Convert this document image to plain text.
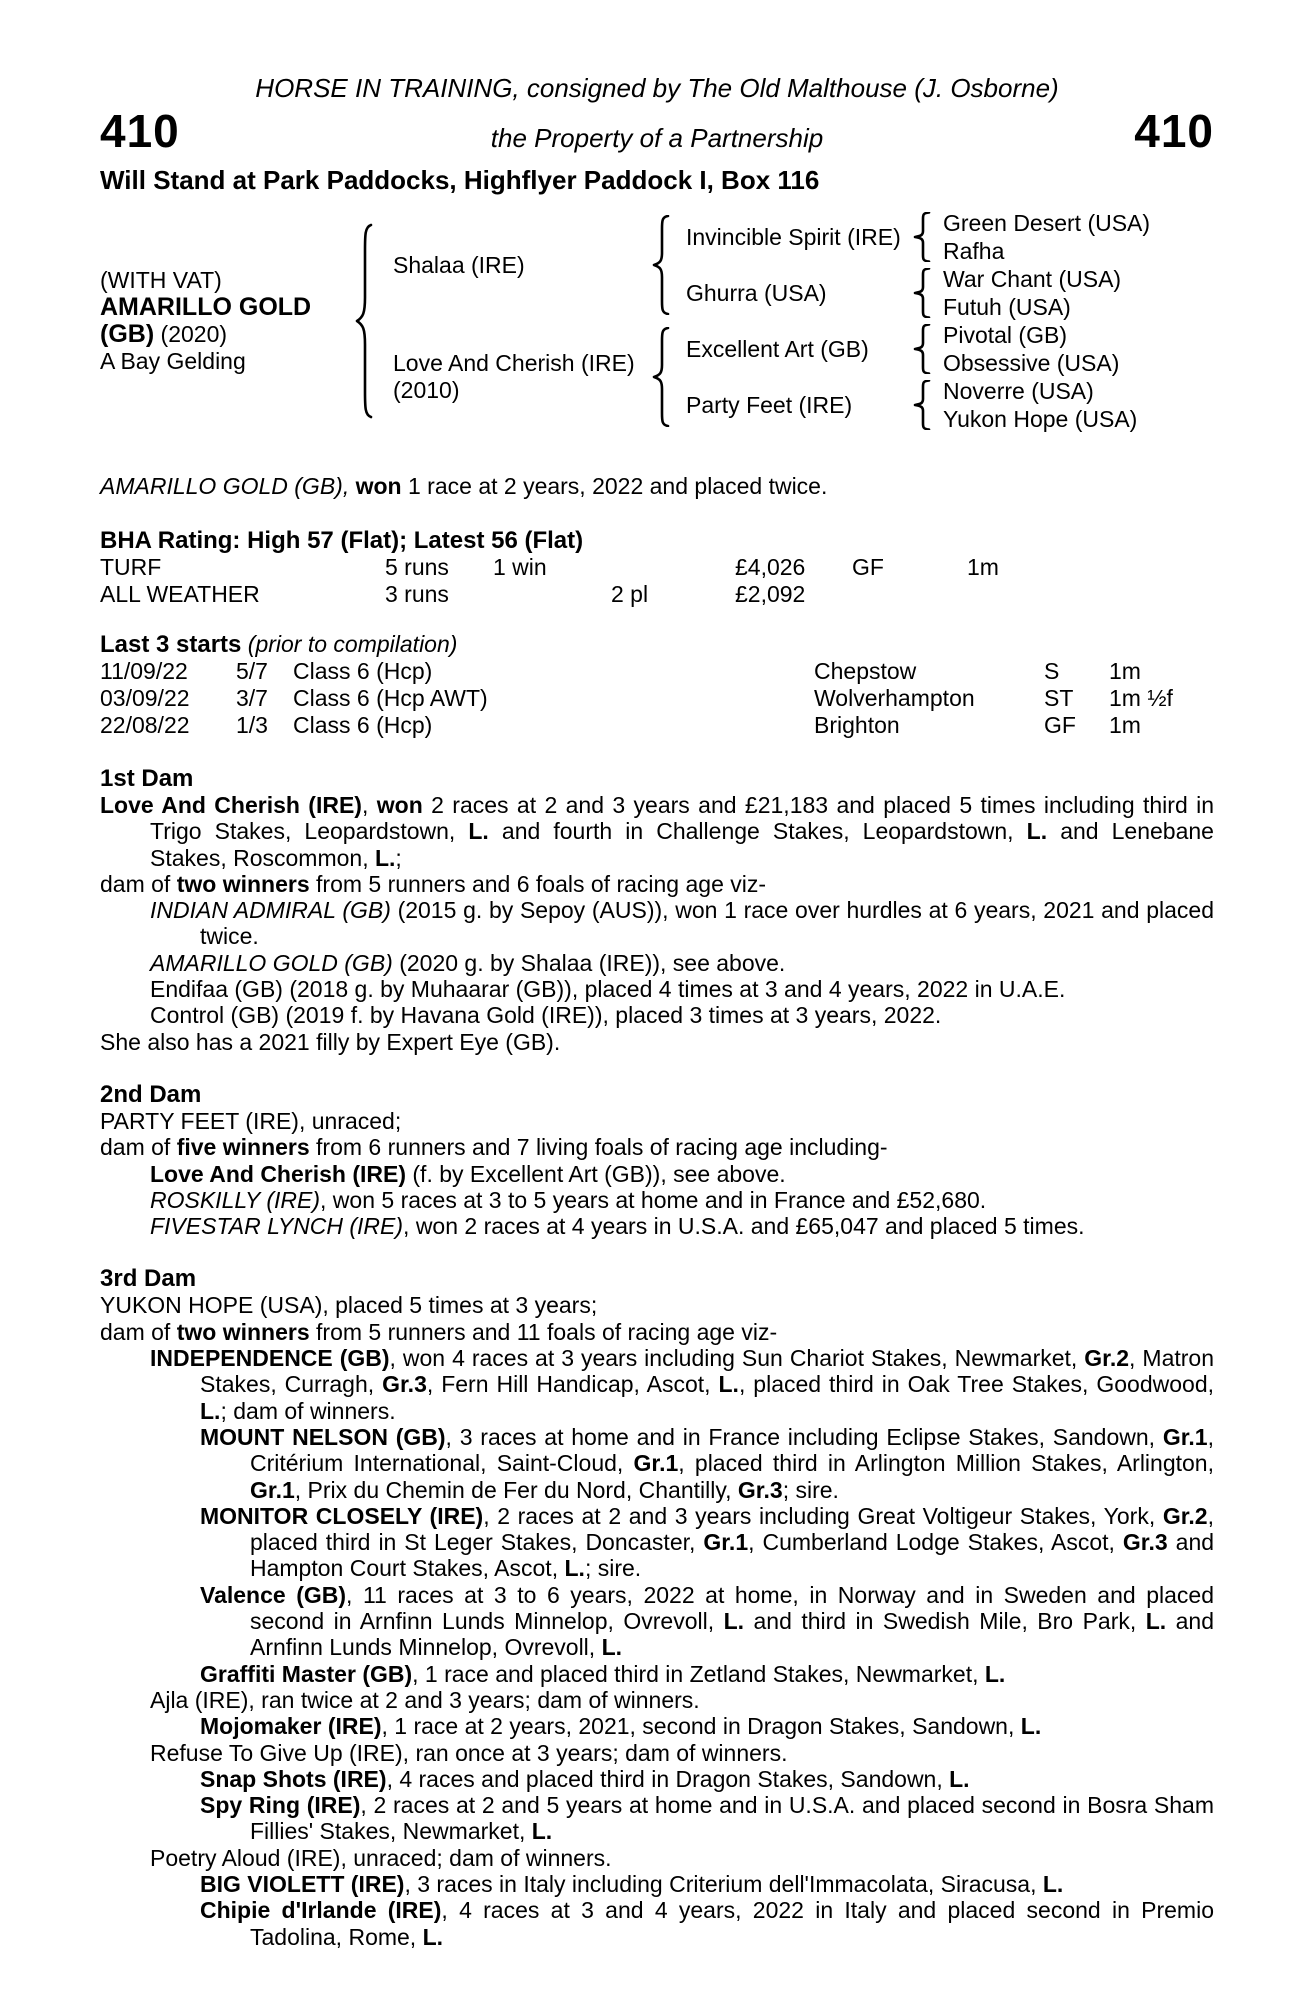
HORSE IN TRAINING, consigned by The Old Malthouse (J. Osborne)
410	the Property of a Partnership	410
Will Stand at Park Paddocks, Highflyer Paddock I, Box 116
(WITH VAT)
AMARILLO GOLD
(GB) (2020)
A Bay Gelding
Shalaa (IRE)
Love And Cherish (IRE)
(2010)
Invincible Spirit (IRE)
Ghurra (USA)
Excellent Art (GB)
Party Feet (IRE)
Green Desert (USA)
Rafha
War Chant (USA)
Futuh (USA)
Pivotal (GB)
Obsessive (USA)
Noverre (USA)
Yukon Hope (USA)
AMARILLO GOLD (GB), won 1 race at 2 years, 2022 and placed twice.
BHA Rating: High 57 (Flat); Latest 56 (Flat)
TURF	5 runs	1 win	£4,026	GF	1m
ALL WEATHER	3 runs	2 pl	£2,092
Last 3 starts (prior to compilation)
11/09/22	5/7	Class 6 (Hcp)	Chepstow	S	1m
03/09/22	3/7	Class 6 (Hcp AWT)	Wolverhampton	ST	1m ½f
22/08/22	1/3	Class 6 (Hcp)	Brighton	GF	1m
1st Dam

Love And Cherish (IRE), won 2 races at 2 and 3 years and £21,183 and placed 5 times including third in Trigo Stakes, Leopardstown, L. and fourth in Challenge Stakes, Leopardstown, L. and Lenebane Stakes, Roscommon, L.;

dam of two winners from 5 runners and 6 foals of racing age viz-

INDIAN ADMIRAL (GB) (2015 g. by Sepoy (AUS)), won 1 race over hurdles at 6 years, 2021 and placed twice.

AMARILLO GOLD (GB) (2020 g. by Shalaa (IRE)), see above.

Endifaa (GB) (2018 g. by Muhaarar (GB)), placed 4 times at 3 and 4 years, 2022 in U.A.E.

Control (GB) (2019 f. by Havana Gold (IRE)), placed 3 times at 3 years, 2022.

She also has a 2021 filly by Expert Eye (GB).

2nd Dam

PARTY FEET (IRE), unraced;

dam of five winners from 6 runners and 7 living foals of racing age including-

Love And Cherish (IRE) (f. by Excellent Art (GB)), see above.

ROSKILLY (IRE), won 5 races at 3 to 5 years at home and in France and £52,680.

FIVESTAR LYNCH (IRE), won 2 races at 4 years in U.S.A. and £65,047 and placed 5 times.

3rd Dam

YUKON HOPE (USA), placed 5 times at 3 years;

dam of two winners from 5 runners and 11 foals of racing age viz-

INDEPENDENCE (GB), won 4 races at 3 years including Sun Chariot Stakes, Newmarket, Gr.2, Matron Stakes, Curragh, Gr.3, Fern Hill Handicap, Ascot, L., placed third in Oak Tree Stakes, Goodwood, L.; dam of winners.

MOUNT NELSON (GB), 3 races at home and in France including Eclipse Stakes, Sandown, Gr.1, Critérium International, Saint-Cloud, Gr.1, placed third in Arlington Million Stakes, Arlington, Gr.1, Prix du Chemin de Fer du Nord, Chantilly, Gr.3; sire.

MONITOR CLOSELY (IRE), 2 races at 2 and 3 years including Great Voltigeur Stakes, York, Gr.2, placed third in St Leger Stakes, Doncaster, Gr.1, Cumberland Lodge Stakes, Ascot, Gr.3 and Hampton Court Stakes, Ascot, L.; sire.

Valence (GB), 11 races at 3 to 6 years, 2022 at home, in Norway and in Sweden and placed second in Arnfinn Lunds Minnelop, Ovrevoll, L. and third in Swedish Mile, Bro Park, L. and Arnfinn Lunds Minnelop, Ovrevoll, L.

Graffiti Master (GB), 1 race and placed third in Zetland Stakes, Newmarket, L.

Ajla (IRE), ran twice at 2 and 3 years; dam of winners.

Mojomaker (IRE), 1 race at 2 years, 2021, second in Dragon Stakes, Sandown, L.

Refuse To Give Up (IRE), ran once at 3 years; dam of winners.

Snap Shots (IRE), 4 races and placed third in Dragon Stakes, Sandown, L.

Spy Ring (IRE), 2 races at 2 and 5 years at home and in U.S.A. and placed second in Bosra Sham Fillies' Stakes, Newmarket, L.

Poetry Aloud (IRE), unraced; dam of winners.

BIG VIOLETT (IRE), 3 races in Italy including Criterium dell'Immacolata, Siracusa, L.

Chipie d'Irlande (IRE), 4 races at 3 and 4 years, 2022 in Italy and placed second in Premio Tadolina, Rome, L.
